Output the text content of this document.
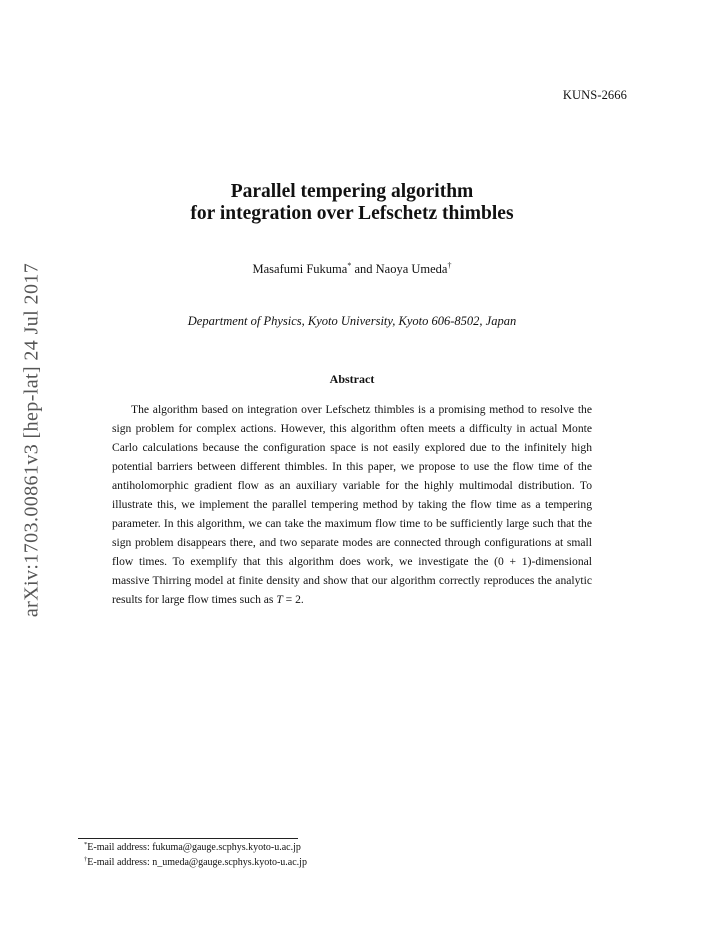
KUNS-2666
arXiv:1703.00861v3 [hep-lat] 24 Jul 2017
Parallel tempering algorithm
for integration over Lefschetz thimbles
Masafumi Fukuma* and Naoya Umeda†
Department of Physics, Kyoto University, Kyoto 606-8502, Japan
Abstract

The algorithm based on integration over Lefschetz thimbles is a promising method to resolve the sign problem for complex actions. However, this algorithm often meets a difficulty in actual Monte Carlo calculations because the configuration space is not easily explored due to the infinitely high potential barriers between different thimbles. In this paper, we propose to use the flow time of the antiholomorphic gradient flow as an auxiliary variable for the highly multimodal distribution. To illustrate this, we implement the parallel tempering method by taking the flow time as a tempering parameter. In this algorithm, we can take the maximum flow time to be sufficiently large such that the sign problem disappears there, and two separate modes are connected through configurations at small flow times. To exemplify that this algorithm does work, we investigate the (0 + 1)-dimensional massive Thirring model at finite density and show that our algorithm correctly reproduces the analytic results for large flow times such as T = 2.

*E-mail address: fukuma@gauge.scphys.kyoto-u.ac.jp
†E-mail address: n_umeda@gauge.scphys.kyoto-u.ac.jp
